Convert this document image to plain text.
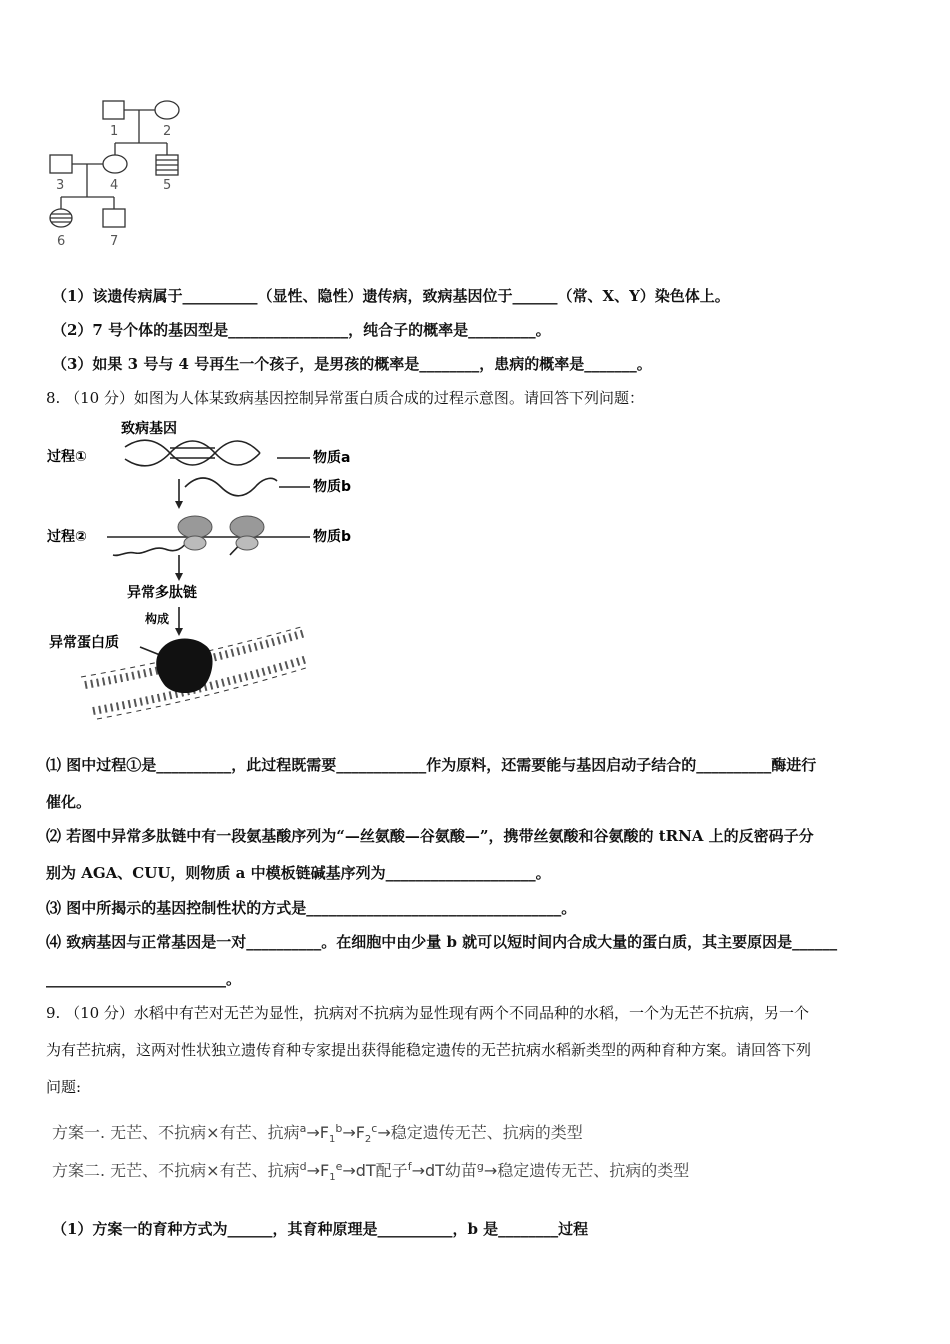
1	2
3	4	5
6	7
（1）该遗传病属于__________（显性、隐性）遗传病，致病基因位于______（常、X、Y）染色体上。
（2）7 号个体的基因型是________________，纯合子的概率是_________。
（3）如果 3 号与 4 号再生一个孩子，是男孩的概率是________，患病的概率是_______。
8. （10 分）如图为人体某致病基因控制异常蛋白质合成的过程示意图。请回答下列问题：
致病基因
过程①	物质a
物质b
过程②	物质b
异常多肽链
构成
异常蛋白质
⑴ 图中过程①是__________，此过程既需要____________作为原料，还需要能与基因启动子结合的__________酶进行
催化。
⑵ 若图中异常多肽链中有一段氨基酸序列为“—丝氨酸—谷氨酸—”，携带丝氨酸和谷氨酸的 tRNA 上的反密码子分
别为 AGA、CUU，则物质 a 中模板链碱基序列为____________________。
⑶ 图中所揭示的基因控制性状的方式是__________________________________。
⑷ 致病基因与正常基因是一对__________。在细胞中由少量 b 就可以短时间内合成大量的蛋白质，其主要原因是______
________________________。
9. （10 分）水稻中有芒对无芒为显性，抗病对不抗病为显性现有两个不同品种的水稻，一个为无芒不抗病，另一个
为有芒抗病，这两对性状独立遗传育种专家提出获得能稳定遗传的无芒抗病水稻新类型的两种育种方案。请回答下列
问题:
方案一. 无芒、不抗病×有芒、抗病$^a\to F_1^b\to F_2^c\to$稳定遗传无芒、抗病的类型
方案二. 无芒、不抗病×有芒、抗病$^d\to F_1^e\to dT$配子$^f$→dT幼苗$^g$→稳定遗传无芒、抗病的类型
（1）方案一的育种方式为______，其育种原理是__________，b 是________过程
